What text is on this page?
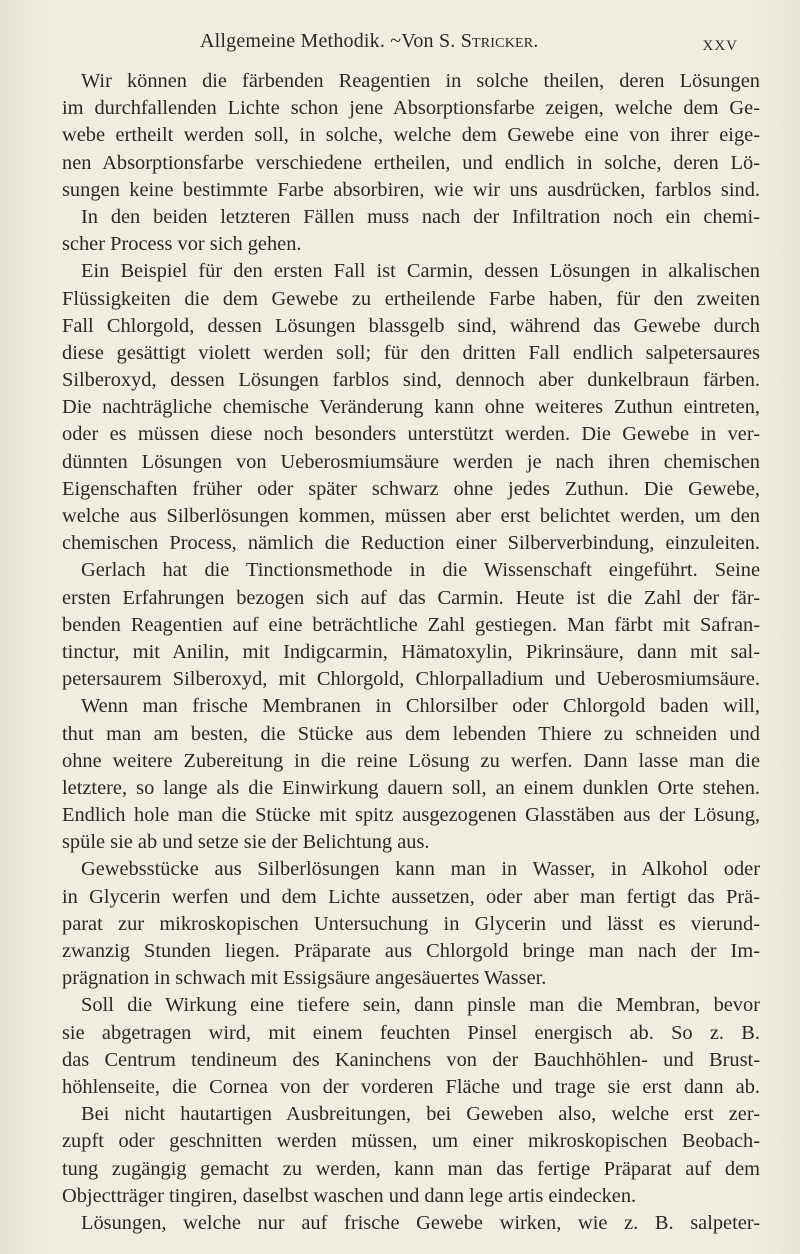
Allgemeine Methodik. ~Von S. Stricker.	XXV
Wir können die färbenden Reagentien in solche theilen, deren Lösungen
im durchfallenden Lichte schon jene Absorptionsfarbe zeigen, welche dem Ge-
webe ertheilt werden soll, in solche, welche dem Gewebe eine von ihrer eige-
nen Absorptionsfarbe verschiedene ertheilen, und endlich in solche, deren Lö-
sungen keine bestimmte Farbe absorbiren, wie wir uns ausdrücken, farblos sind.
In den beiden letzteren Fällen muss nach der Infiltration noch ein chemi-
scher Process vor sich gehen.
Ein Beispiel für den ersten Fall ist Carmin, dessen Lösungen in alkalischen
Flüssigkeiten die dem Gewebe zu ertheilende Farbe haben, für den zweiten
Fall Chlorgold, dessen Lösungen blassgelb sind, während das Gewebe durch
diese gesättigt violett werden soll; für den dritten Fall endlich salpetersaures
Silberoxyd, dessen Lösungen farblos sind, dennoch aber dunkelbraun färben.
Die nachträgliche chemische Veränderung kann ohne weiteres Zuthun eintreten,
oder es müssen diese noch besonders unterstützt werden. Die Gewebe in ver-
dünnten Lösungen von Ueberosmiumsäure werden je nach ihren chemischen
Eigenschaften früher oder später schwarz ohne jedes Zuthun. Die Gewebe,
welche aus Silberlösungen kommen, müssen aber erst belichtet werden, um den
chemischen Process, nämlich die Reduction einer Silberverbindung, einzuleiten.
Gerlach hat die Tinctionsmethode in die Wissenschaft eingeführt. Seine
ersten Erfahrungen bezogen sich auf das Carmin. Heute ist die Zahl der fär-
benden Reagentien auf eine beträchtliche Zahl gestiegen. Man färbt mit Safran-
tinctur, mit Anilin, mit Indigcarmin, Hämatoxylin, Pikrinsäure, dann mit sal-
petersaurem Silberoxyd, mit Chlorgold, Chlorpalladium und Ueberosmiumsäure.
Wenn man frische Membranen in Chlorsilber oder Chlorgold baden will,
thut man am besten, die Stücke aus dem lebenden Thiere zu schneiden und
ohne weitere Zubereitung in die reine Lösung zu werfen. Dann lasse man die
letztere, so lange als die Einwirkung dauern soll, an einem dunklen Orte stehen.
Endlich hole man die Stücke mit spitz ausgezogenen Glasstäben aus der Lösung,
spüle sie ab und setze sie der Belichtung aus.
Gewebsstücke aus Silberlösungen kann man in Wasser, in Alkohol oder
in Glycerin werfen und dem Lichte aussetzen, oder aber man fertigt das Prä-
parat zur mikroskopischen Untersuchung in Glycerin und lässt es vierund-
zwanzig Stunden liegen. Präparate aus Chlorgold bringe man nach der Im-
prägnation in schwach mit Essigsäure angesäuertes Wasser.
Soll die Wirkung eine tiefere sein, dann pinsle man die Membran, bevor
sie abgetragen wird, mit einem feuchten Pinsel energisch ab. So z. B.
das Centrum tendineum des Kaninchens von der Bauchhöhlen- und Brust-
höhlenseite, die Cornea von der vorderen Fläche und trage sie erst dann ab.
Bei nicht hautartigen Ausbreitungen, bei Geweben also, welche erst zer-
zupft oder geschnitten werden müssen, um einer mikroskopischen Beobach-
tung zugängig gemacht zu werden, kann man das fertige Präparat auf dem
Objectträger tingiren, daselbst waschen und dann lege artis eindecken.
Lösungen, welche nur auf frische Gewebe wirken, wie z. B. salpeter-
